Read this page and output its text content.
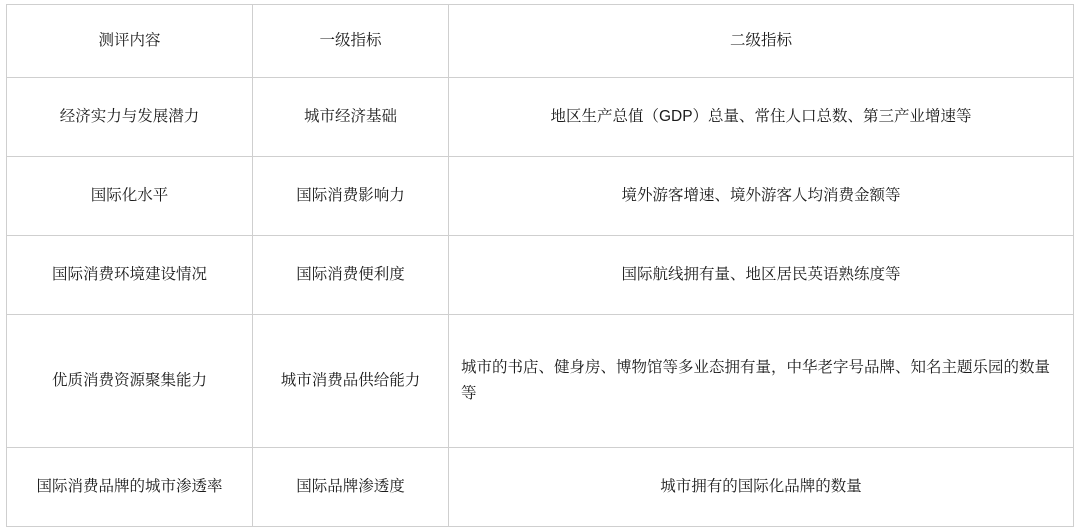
测评内容	一级指标	二级指标
经济实力与发展潜力	城市经济基础	地区生产总值（GDP）总量、常住人口总数、第三产业增速等
国际化水平	国际消费影响力	境外游客增速、境外游客人均消费金额等
国际消费环境建设情况	国际消费便利度	国际航线拥有量、地区居民英语熟练度等
优质消费资源聚集能力	城市消费品供给能力	城市的书店、健身房、博物馆等多业态拥有量，中华老字号品牌、知名主题乐园的数量等
国际消费品牌的城市渗透率	国际品牌渗透度	城市拥有的国际化品牌的数量
